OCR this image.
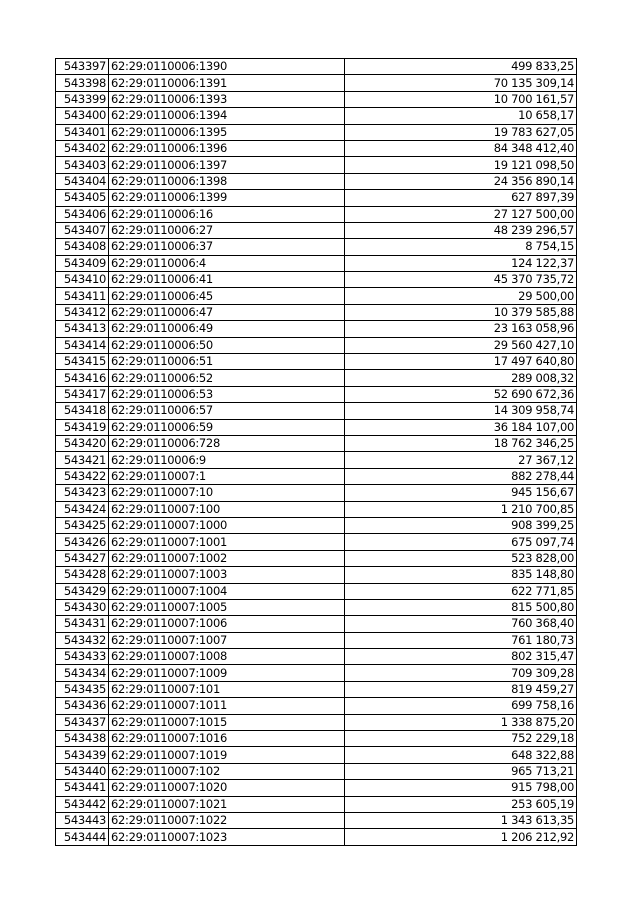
543397	62:29:0110006:1390	499 833,25
543398	62:29:0110006:1391	70 135 309,14
543399	62:29:0110006:1393	10 700 161,57
543400	62:29:0110006:1394	10 658,17
543401	62:29:0110006:1395	19 783 627,05
543402	62:29:0110006:1396	84 348 412,40
543403	62:29:0110006:1397	19 121 098,50
543404	62:29:0110006:1398	24 356 890,14
543405	62:29:0110006:1399	627 897,39
543406	62:29:0110006:16	27 127 500,00
543407	62:29:0110006:27	48 239 296,57
543408	62:29:0110006:37	8 754,15
543409	62:29:0110006:4	124 122,37
543410	62:29:0110006:41	45 370 735,72
543411	62:29:0110006:45	29 500,00
543412	62:29:0110006:47	10 379 585,88
543413	62:29:0110006:49	23 163 058,96
543414	62:29:0110006:50	29 560 427,10
543415	62:29:0110006:51	17 497 640,80
543416	62:29:0110006:52	289 008,32
543417	62:29:0110006:53	52 690 672,36
543418	62:29:0110006:57	14 309 958,74
543419	62:29:0110006:59	36 184 107,00
543420	62:29:0110006:728	18 762 346,25
543421	62:29:0110006:9	27 367,12
543422	62:29:0110007:1	882 278,44
543423	62:29:0110007:10	945 156,67
543424	62:29:0110007:100	1 210 700,85
543425	62:29:0110007:1000	908 399,25
543426	62:29:0110007:1001	675 097,74
543427	62:29:0110007:1002	523 828,00
543428	62:29:0110007:1003	835 148,80
543429	62:29:0110007:1004	622 771,85
543430	62:29:0110007:1005	815 500,80
543431	62:29:0110007:1006	760 368,40
543432	62:29:0110007:1007	761 180,73
543433	62:29:0110007:1008	802 315,47
543434	62:29:0110007:1009	709 309,28
543435	62:29:0110007:101	819 459,27
543436	62:29:0110007:1011	699 758,16
543437	62:29:0110007:1015	1 338 875,20
543438	62:29:0110007:1016	752 229,18
543439	62:29:0110007:1019	648 322,88
543440	62:29:0110007:102	965 713,21
543441	62:29:0110007:1020	915 798,00
543442	62:29:0110007:1021	253 605,19
543443	62:29:0110007:1022	1 343 613,35
543444	62:29:0110007:1023	1 206 212,92
